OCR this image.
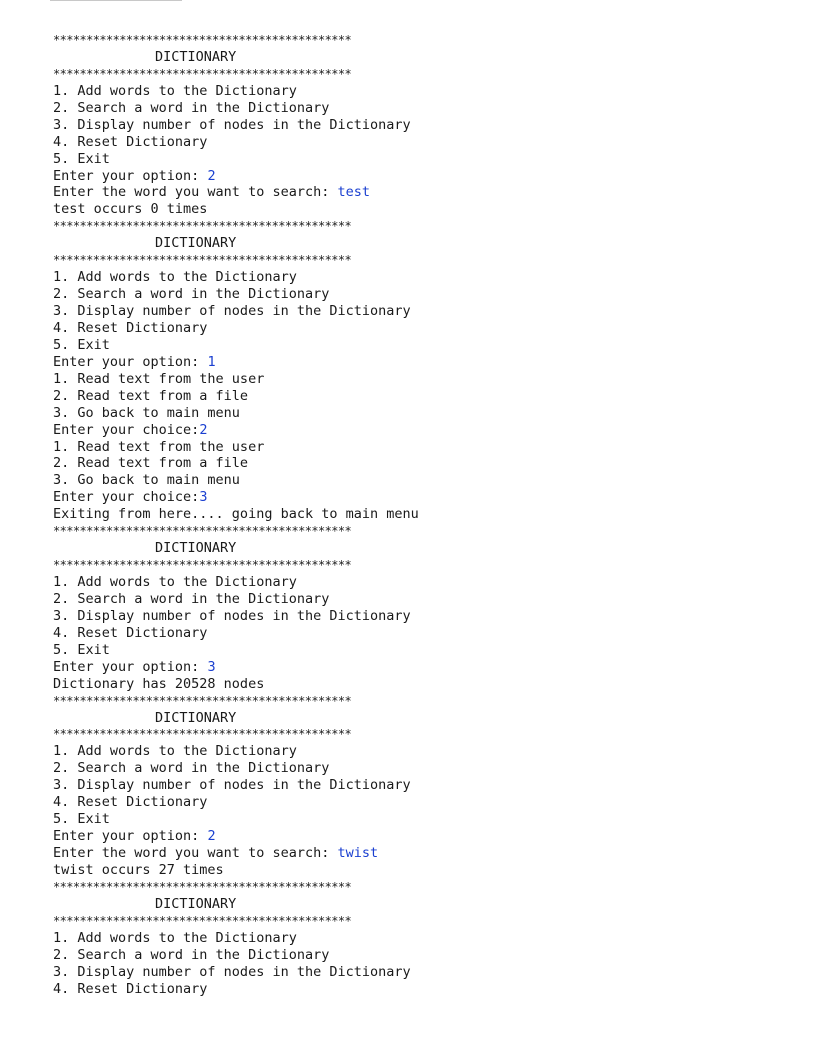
*********************************************
DICTIONARY
*********************************************
1. Add words to the Dictionary
2. Search a word in the Dictionary
3. Display number of nodes in the Dictionary
4. Reset Dictionary
5. Exit
Enter your option: 2
Enter the word you want to search: test
test occurs 0 times
*********************************************
DICTIONARY
*********************************************
1. Add words to the Dictionary
2. Search a word in the Dictionary
3. Display number of nodes in the Dictionary
4. Reset Dictionary
5. Exit
Enter your option: 1
1. Read text from the user
2. Read text from a file
3. Go back to main menu
Enter your choice:2
1. Read text from the user
2. Read text from a file
3. Go back to main menu
Enter your choice:3
Exiting from here.... going back to main menu
*********************************************
DICTIONARY
*********************************************
1. Add words to the Dictionary
2. Search a word in the Dictionary
3. Display number of nodes in the Dictionary
4. Reset Dictionary
5. Exit
Enter your option: 3
Dictionary has 20528 nodes
*********************************************
DICTIONARY
*********************************************
1. Add words to the Dictionary
2. Search a word in the Dictionary
3. Display number of nodes in the Dictionary
4. Reset Dictionary
5. Exit
Enter your option: 2
Enter the word you want to search: twist
twist occurs 27 times
*********************************************
DICTIONARY
*********************************************
1. Add words to the Dictionary
2. Search a word in the Dictionary
3. Display number of nodes in the Dictionary
4. Reset Dictionary
